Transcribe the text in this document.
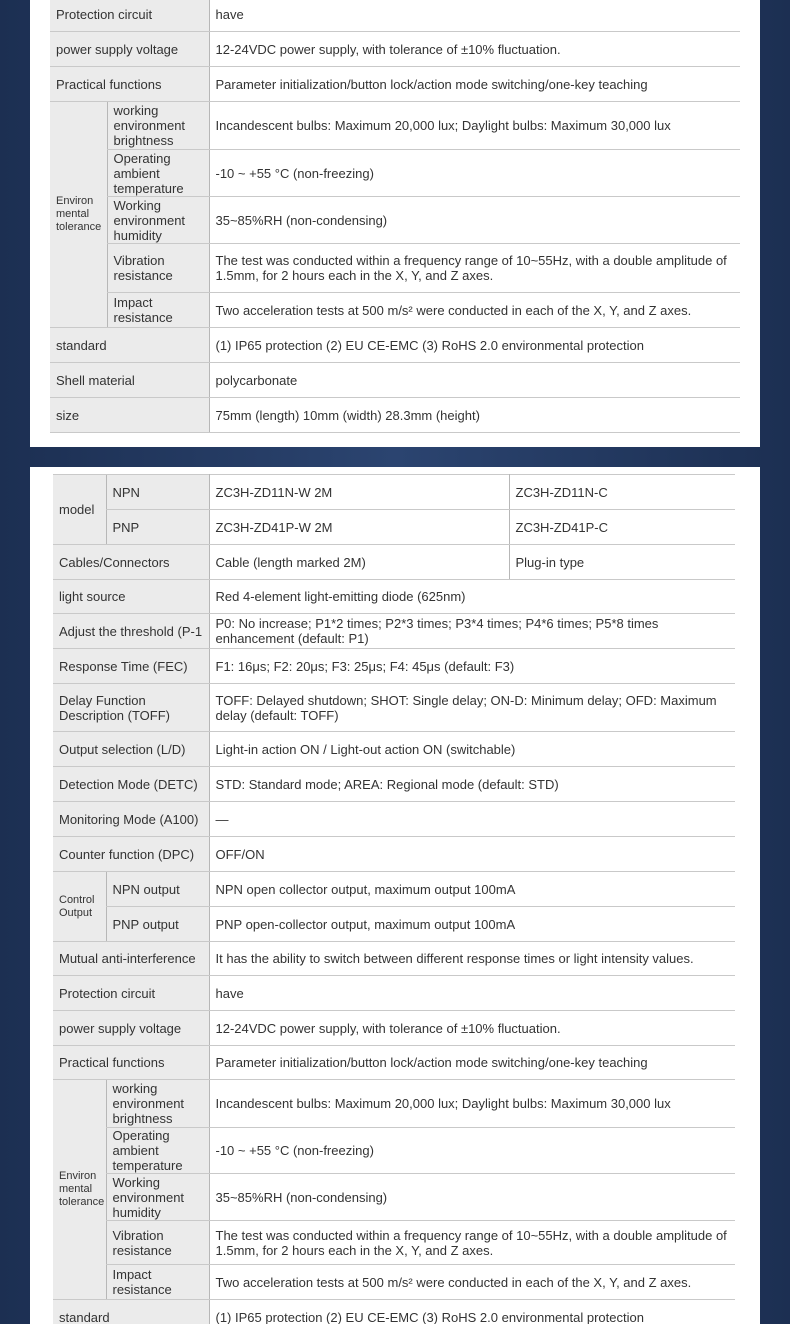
Protection circuit		have
power supply voltage		12-24VDC power supply, with tolerance of ±10% fluctuation.
Practical functions		Parameter initialization/button lock/action mode switching/one-key teaching
Environ mental tolerance	working environment brightness	Incandescent bulbs: Maximum 20,000 lux; Daylight bulbs: Maximum 30,000 lux
	Operating ambient temperature	-10 ~ +55 °C (non-freezing)
	Working environment humidity	35~85%RH (non-condensing)
	Vibration resistance	The test was conducted within a frequency range of 10~55Hz, with a double amplitude of 1.5mm, for 2 hours each in the X, Y, and Z axes.
	Impact resistance	Two acceleration tests at 500 m/s² were conducted in each of the X, Y, and Z axes.
standard		(1) IP65 protection (2) EU CE-EMC (3) RoHS 2.0 environmental protection
Shell material		polycarbonate
size		75mm (length) 10mm (width) 28.3mm (height)
model	NPN	ZC3H-ZD11N-W 2M	ZC3H-ZD11N-C
	PNP	ZC3H-ZD41P-W 2M	ZC3H-ZD41P-C
Cables/Connectors		Cable (length marked 2M)	Plug-in type
light source		Red 4-element light-emitting diode (625nm)	
Adjust the threshold (P-1		P0: No increase; P1*2 times; P2*3 times; P3*4 times; P4*6 times; P5*8 times enhancement (default: P1)	
Response Time (FEC)		F1: 16μs; F2: 20μs; F3: 25μs; F4: 45μs (default: F3)	
Delay Function Description (TOFF)		TOFF: Delayed shutdown; SHOT: Single delay; ON-D: Minimum delay; OFD: Maximum delay (default: TOFF)	
Output selection (L/D)		Light-in action ON / Light-out action ON (switchable)	
Detection Mode (DETC)		STD: Standard mode; AREA: Regional mode (default: STD)	
Monitoring Mode (A100)		—	
Counter function (DPC)		OFF/ON	
Control Output	NPN output	NPN open collector output, maximum output 100mA	
	PNP output	PNP open-collector output, maximum output 100mA	
Mutual anti-interference		It has the ability to switch between different response times or light intensity values.	
Protection circuit		have	
power supply voltage		12-24VDC power supply, with tolerance of ±10% fluctuation.	
Practical functions		Parameter initialization/button lock/action mode switching/one-key teaching	
Environ mental tolerance	working environment brightness	Incandescent bulbs: Maximum 20,000 lux; Daylight bulbs: Maximum 30,000 lux	
	Operating ambient temperature	-10 ~ +55 °C (non-freezing)	
	Working environment humidity	35~85%RH (non-condensing)	
	Vibration resistance	The test was conducted within a frequency range of 10~55Hz, with a double amplitude of 1.5mm, for 2 hours each in the X, Y, and Z axes.	
	Impact resistance	Two acceleration tests at 500 m/s² were conducted in each of the X, Y, and Z axes.	
standard		(1) IP65 protection (2) EU CE-EMC (3) RoHS 2.0 environmental protection	
